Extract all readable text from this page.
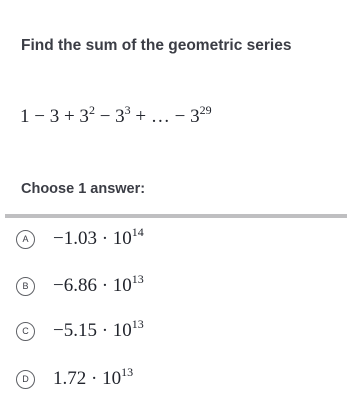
Find the sum of the geometric series
$1 - 3 + 3^2 - 3^3$ + … − $3^{29}$
Choose 1 answer:
A	$-1.03 \cdot 10^{14}$
B	$-6.86 \cdot 10^{13}$
C	$-5.15 \cdot 10^{13}$
D	$1.72 \cdot 10^{13}$
